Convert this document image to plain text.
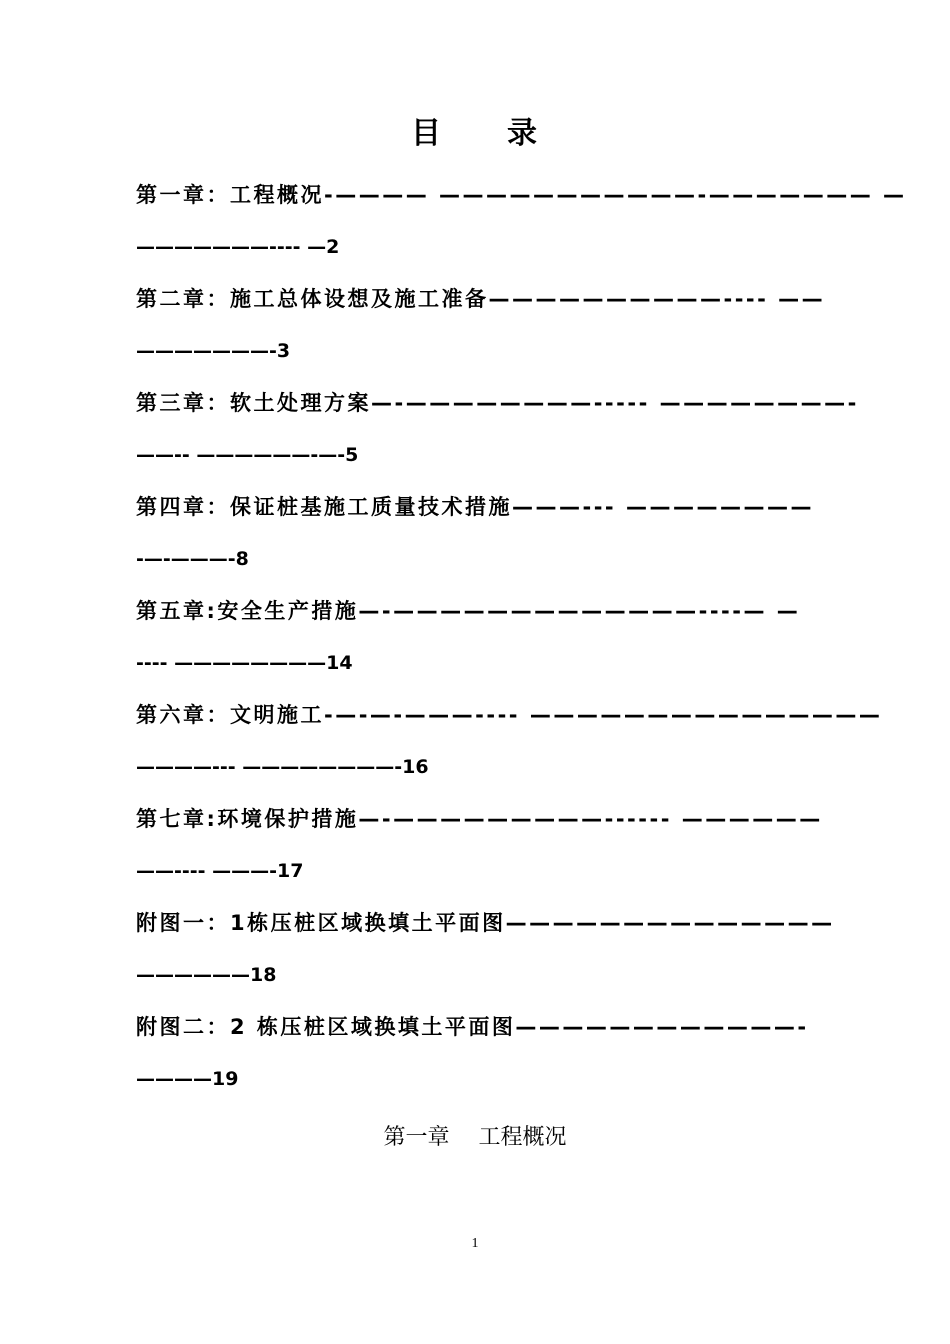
目　　录
第一章：工程概况-———— ———————————-——————— —
———————---- —2
第二章：施工总体设想及施工准备——————————---- ——
———————-3
第三章：软土处理方案—-————————----- ————————-
——-- ——————-—-5
第四章：保证桩基施工质量技术措施———--- ————————
-—-———-8
第五章:安全生产措施—-—————————————----— —
---- ————————14
第六章：文明施工-—-—-———---- ———————————————
————--- ————————-16
第七章:环境保护措施—-—————————------ ——————
——---- ———-17
附图一：1栋压桩区域换填土平面图——————————————
——————18
附图二：2 栋压桩区域换填土平面图————————————-
————19
第一章　 工程概况
1
